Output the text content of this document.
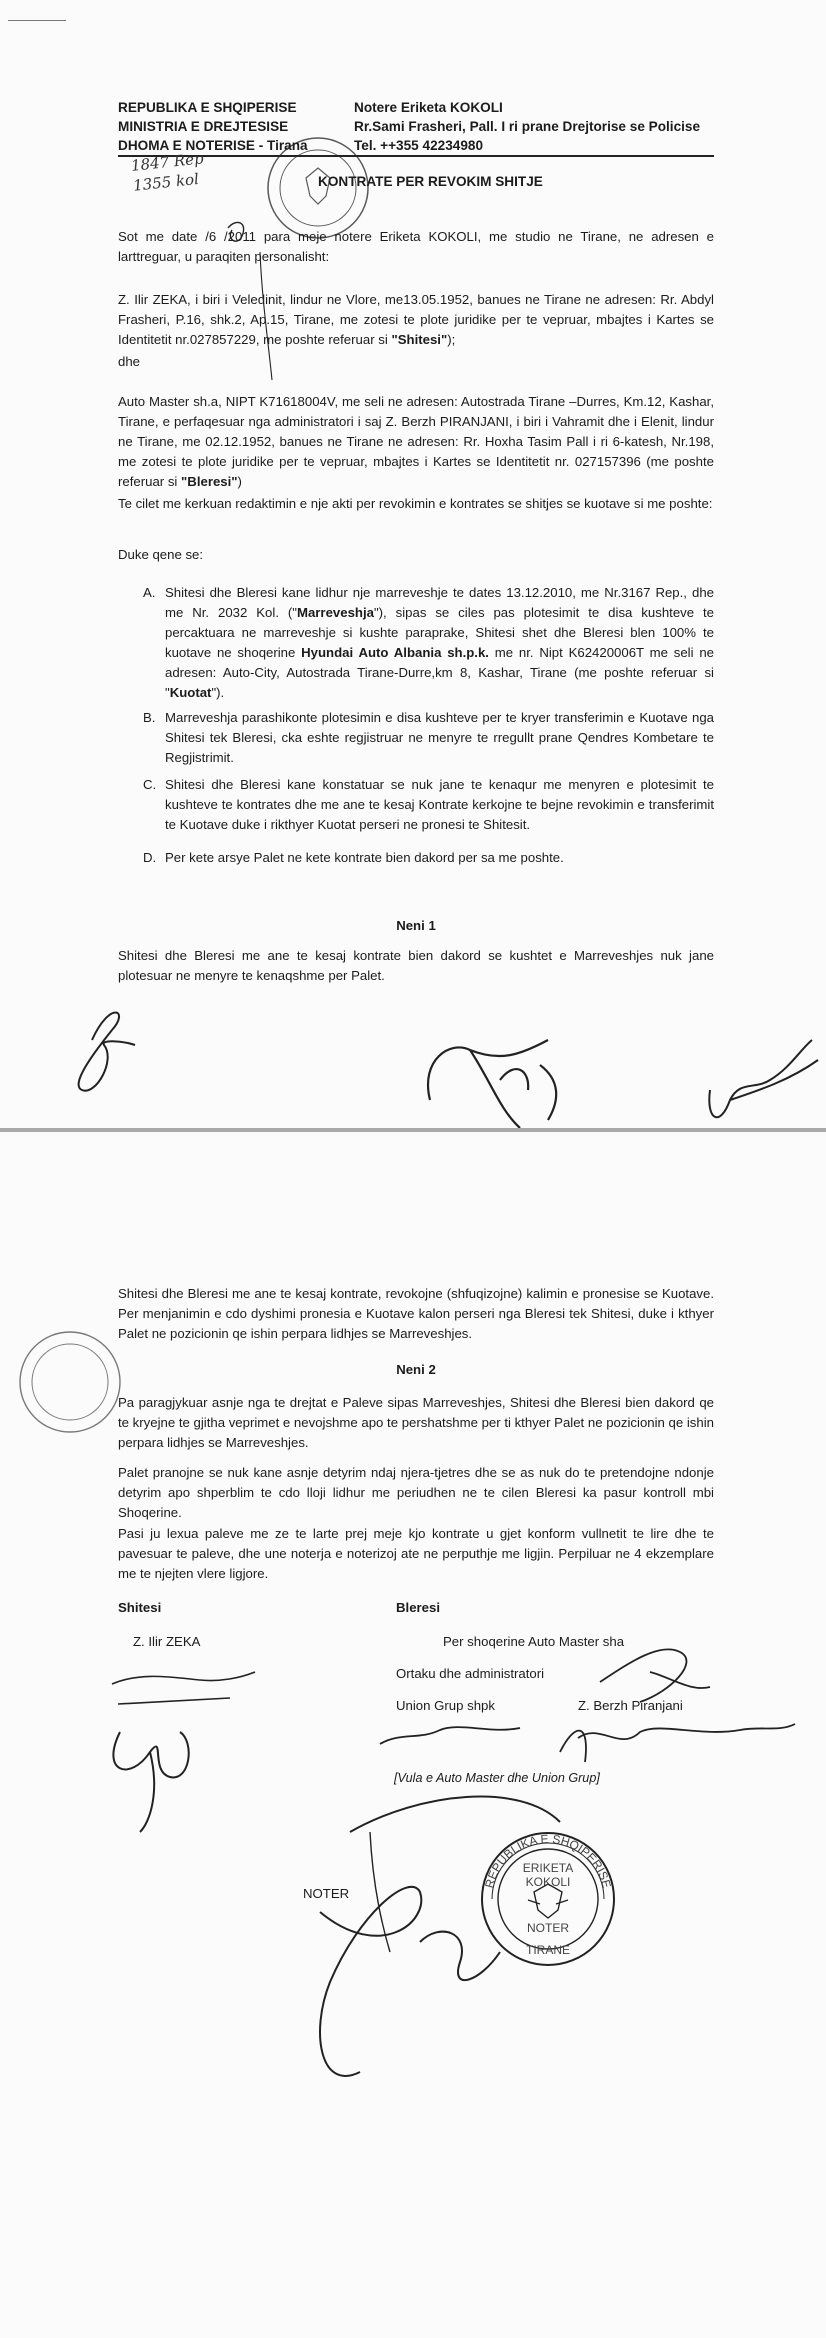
REPUBLIKA E SHQIPERISE
MINISTRIA E DREJTESISE
DHOMA E NOTERISE - Tirana
Notere Eriketa KOKOLI
Rr.Sami Frasheri, Pall. I ri prane Drejtorise se Policise
Tel. ++355 42234980
1847 Rep
1355 kol	KONTRATE PER REVOKIM SHITJE

Sot me date /6 /2011 para meje notere Eriketa KOKOLI, me studio ne Tirane, ne adresen e larttreguar, u paraqiten personalisht:

Z. Ilir ZEKA, i biri i Veledinit, lindur ne Vlore, me13.05.1952, banues ne Tirane ne adresen: Rr. Abdyl Frasheri, P.16, shk.2, Ap.15, Tirane, me zotesi te plote juridike per te vepruar, mbajtes i Kartes se Identitetit nr.027857229, me poshte referuar si "Shitesi");

dhe

Auto Master sh.a, NIPT K71618004V, me seli ne adresen: Autostrada Tirane –Durres, Km.12, Kashar, Tirane, e perfaqesuar nga administratori i saj Z. Berzh PIRANJANI, i biri i Vahramit dhe i Elenit, lindur ne Tirane, me 02.12.1952, banues ne Tirane ne adresen: Rr. Hoxha Tasim Pall i ri 6-katesh, Nr.198, me zotesi te plote juridike per te vepruar, mbajtes i Kartes se Identitetit nr. 027157396 (me poshte referuar si "Bleresi")

Te cilet me kerkuan redaktimin e nje akti per revokimin e kontrates se shitjes se kuotave si me poshte:

Duke qene se:

A. Shitesi dhe Bleresi kane lidhur nje marreveshje te dates 13.12.2010, me Nr.3167 Rep., dhe me Nr. 2032 Kol. ("Marreveshja"), sipas se ciles pas plotesimit te disa kushteve te percaktuara ne marreveshje si kushte paraprake, Shitesi shet dhe Bleresi blen 100% te kuotave ne shoqerine Hyundai Auto Albania sh.p.k. me nr. Nipt K62420006T me seli ne adresen: Auto-City, Autostrada Tirane-Durre,km 8, Kashar, Tirane (me poshte referuar si "Kuotat").

B. Marreveshja parashikonte plotesimin e disa kushteve per te kryer transferimin e Kuotave nga Shitesi tek Bleresi, cka eshte regjistruar ne menyre te rregullt prane Qendres Kombetare te Regjistrimit.

C. Shitesi dhe Bleresi kane konstatuar se nuk jane te kenaqur me menyren e plotesimit te kushteve te kontrates dhe me ane te kesaj Kontrate kerkojne te bejne revokimin e transferimit te Kuotave duke i rikthyer Kuotat perseri ne pronesi te Shitesit.

D. Per kete arsye Palet ne kete kontrate bien dakord per sa me poshte.

Neni 1

Shitesi dhe Bleresi me ane te kesaj kontrate bien dakord se kushtet e Marreveshjes nuk jane plotesuar ne menyre te kenaqshme per Palet.

Shitesi dhe Bleresi me ane te kesaj kontrate, revokojne (shfuqizojne) kalimin e pronesise se Kuotave. Per menjanimin e cdo dyshimi pronesia e Kuotave kalon perseri nga Bleresi tek Shitesi, duke i kthyer Palet ne pozicionin qe ishin perpara lidhjes se Marreveshjes.

Neni 2

Pa paragjykuar asnje nga te drejtat e Paleve sipas Marreveshjes, Shitesi dhe Bleresi bien dakord qe te kryejne te gjitha veprimet e nevojshme apo te pershatshme per ti kthyer Palet ne pozicionin qe ishin perpara lidhjes se Marreveshjes.

Palet pranojne se nuk kane asnje detyrim ndaj njera-tjetres dhe se as nuk do te pretendojne ndonje detyrim apo shperblim te cdo lloji lidhur me periudhen ne te cilen Bleresi ka pasur kontroll mbi Shoqerine.

Pasi ju lexua paleve me ze te larte prej meje kjo kontrate u gjet konform vullnetit te lire dhe te pavesuar te paleve, dhe une noterja e noterizoj ate ne perputhje me ligjin. Perpiluar ne 4 ekzemplare me te njejten vlere ligjore.

Shitesi	Bleresi
Z. Ilir ZEKA	Per shoqerine Auto Master sha
Ortaku dhe administratori
Union Grup shpk	Z. Berzh Piranjani
[Vula e Auto Master dhe Union Grup]
NOTER
REPUBLIKA E SHQIPERISE
ERIKETA
KOKOLI
NOTER
TIRANE
